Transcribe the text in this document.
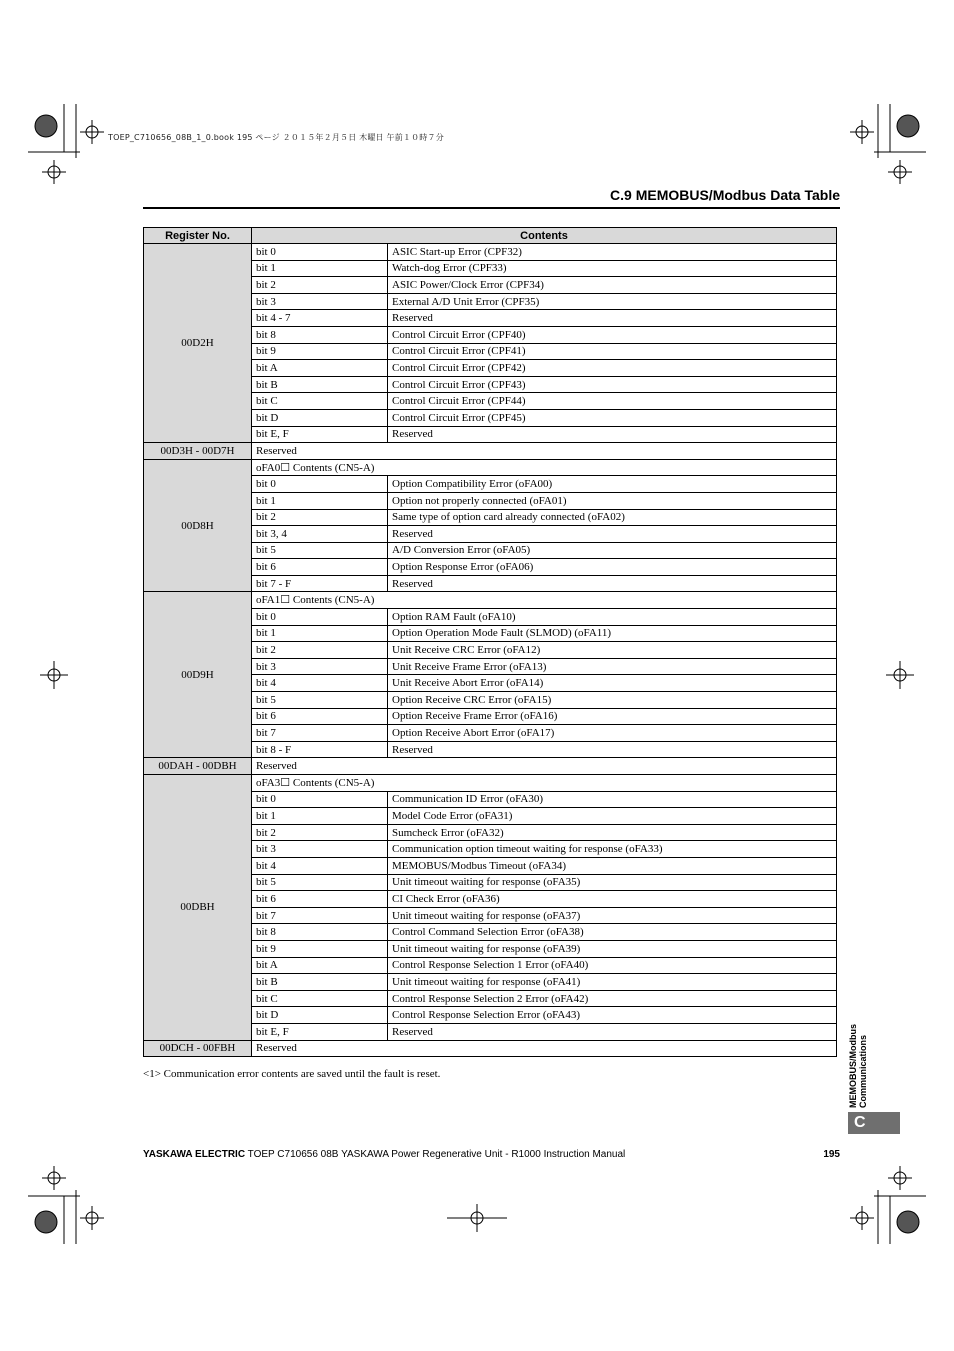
TOEP_C710656_08B_1_0.book 195 ページ ２０１５年２月５日 木曜日 午前１０時７分
C.9 MEMOBUS/Modbus Data Table
Register No.	Contents	
00D2H	bit 0	ASIC Start-up Error (CPF32)
	bit 1	Watch-dog Error (CPF33)
	bit 2	ASIC Power/Clock Error (CPF34)
	bit 3	External A/D Unit Error (CPF35)
	bit 4 - 7	Reserved
	bit 8	Control Circuit Error (CPF40)
	bit 9	Control Circuit Error (CPF41)
	bit A	Control Circuit Error (CPF42)
	bit B	Control Circuit Error (CPF43)
	bit C	Control Circuit Error (CPF44)
	bit D	Control Circuit Error (CPF45)
	bit E, F	Reserved
00D3H - 00D7H	Reserved	
00D8H	oFA0☐ Contents (CN5-A)	
	bit 0	Option Compatibility Error (oFA00)
	bit 1	Option not properly connected (oFA01)
	bit 2	Same type of option card already connected (oFA02)
	bit 3, 4	Reserved
	bit 5	A/D Conversion Error (oFA05)
	bit 6	Option Response Error (oFA06)
	bit 7 - F	Reserved
00D9H	oFA1☐ Contents (CN5-A)	
	bit 0	Option RAM Fault (oFA10)
	bit 1	Option Operation Mode Fault (SLMOD) (oFA11)
	bit 2	Unit Receive CRC Error (oFA12)
	bit 3	Unit Receive Frame Error (oFA13)
	bit 4	Unit Receive Abort Error (oFA14)
	bit 5	Option Receive CRC Error (oFA15)
	bit 6	Option Receive Frame Error (oFA16)
	bit 7	Option Receive Abort Error (oFA17)
	bit 8 - F	Reserved
00DAH - 00DBH	Reserved	
00DBH	oFA3☐ Contents (CN5-A)	
	bit 0	Communication ID Error (oFA30)
	bit 1	Model Code Error (oFA31)
	bit 2	Sumcheck Error (oFA32)
	bit 3	Communication option timeout waiting for response (oFA33)
	bit 4	MEMOBUS/Modbus Timeout (oFA34)
	bit 5	Unit timeout waiting for response (oFA35)
	bit 6	CI Check Error (oFA36)
	bit 7	Unit timeout waiting for response (oFA37)
	bit 8	Control Command Selection Error (oFA38)
	bit 9	Unit timeout waiting for response (oFA39)
	bit A	Control Response Selection 1 Error (oFA40)
	bit B	Unit timeout waiting for response (oFA41)
	bit C	Control Response Selection 2 Error (oFA42)
	bit D	Control Response Selection Error (oFA43)
	bit E, F	Reserved
00DCH - 00FBH	Reserved	
<1> Communication error contents are saved until the fault is reset.	MEMOBUS/Modbus Communications
C
YASKAWA ELECTRIC TOEP C710656 08B YASKAWA Power Regenerative Unit - R1000 Instruction Manual	195
